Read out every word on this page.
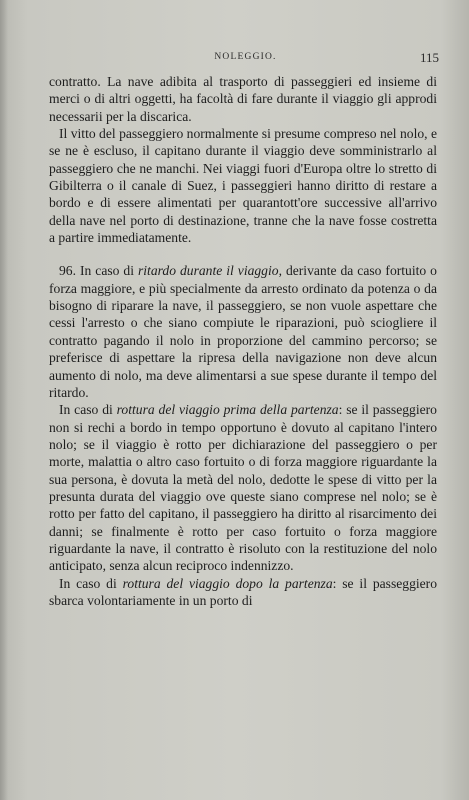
NOLEGGIO.	115

contratto. La nave adibita al trasporto di passeggieri ed insieme di merci o di altri oggetti, ha facoltà di fare durante il viaggio gli approdi necessarii per la discarica.

Il vitto del passeggiero normalmente si presume compreso nel nolo, e se ne è escluso, il capitano durante il viaggio deve somministrarlo al passeggiero che ne manchi. Nei viaggi fuori d'Europa oltre lo stretto di Gibilterra o il canale di Suez, i passeggieri hanno diritto di restare a bordo e di essere alimentati per quarantott'ore successive all'arrivo della nave nel porto di destinazione, tranne che la nave fosse costretta a partire immediatamente.

96. In caso di ritardo durante il viaggio, derivante da caso fortuito o forza maggiore, e più specialmente da arresto ordinato da potenza o da bisogno di riparare la nave, il passeggiero, se non vuole aspettare che cessi l'arresto o che siano compiute le riparazioni, può sciogliere il contratto pagando il nolo in proporzione del cammino percorso; se preferisce di aspettare la ripresa della navigazione non deve alcun aumento di nolo, ma deve alimentarsi a sue spese durante il tempo del ritardo.

In caso di rottura del viaggio prima della partenza: se il passeggiero non si rechi a bordo in tempo opportuno è dovuto al capitano l'intero nolo; se il viaggio è rotto per dichiarazione del passeggiero o per morte, malattia o altro caso fortuito o di forza maggiore riguardante la sua persona, è dovuta la metà del nolo, dedotte le spese di vitto per la presunta durata del viaggio ove queste siano comprese nel nolo; se è rotto per fatto del capitano, il passeggiero ha diritto al risarcimento dei danni; se finalmente è rotto per caso fortuito o forza maggiore riguardante la nave, il contratto è risoluto con la restituzione del nolo anticipato, senza alcun reciproco indennizzo.

In caso di rottura del viaggio dopo la partenza: se il passeggiero sbarca volontariamente in un porto di
